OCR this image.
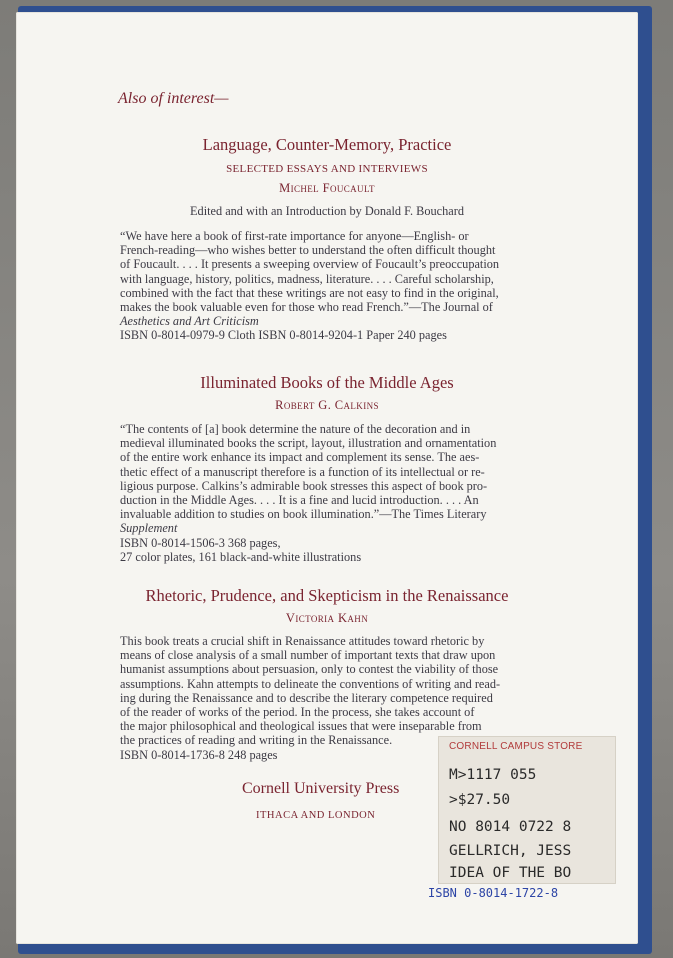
Also of interest—

Language, Counter-Memory, Practice

SELECTED ESSAYS AND INTERVIEWS

Michel Foucault

Edited and with an Introduction by Donald F. Bouchard

“We have here a book of first-rate importance for anyone—English- or
French-reading—who wishes better to understand the often difficult thought
of Foucault. . . . It presents a sweeping overview of Foucault’s preoccupation
with language, history, politics, madness, literature. . . . Careful scholarship,
combined with the fact that these writings are not easy to find in the original,
makes the book valuable even for those who read French.”—The Journal of
Aesthetics and Art Criticism
ISBN 0-8014-0979-9 Cloth ISBN 0-8014-9204-1 Paper 240 pages

Illuminated Books of the Middle Ages

Robert G. Calkins

“The contents of [a] book determine the nature of the decoration and in
medieval illuminated books the script, layout, illustration and ornamentation
of the entire work enhance its impact and complement its sense. The aes-
thetic effect of a manuscript therefore is a function of its intellectual or re-
ligious purpose. Calkins’s admirable book stresses this aspect of book pro-
duction in the Middle Ages. . . . It is a fine and lucid introduction. . . . An
invaluable addition to studies on book illumination.”—The Times Literary
Supplement
ISBN 0-8014-1506-3 368 pages,
27 color plates, 161 black-and-white illustrations

Rhetoric, Prudence, and Skepticism in the Renaissance

Victoria Kahn

This book treats a crucial shift in Renaissance attitudes toward rhetoric by
means of close analysis of a small number of important texts that draw upon
humanist assumptions about persuasion, only to contest the viability of those
assumptions. Kahn attempts to delineate the conventions of writing and read-
ing during the Renaissance and to describe the literary competence required
of the reader of works of the period. In the process, she takes account of
the major philosophical and theological issues that were inseparable from
the practices of reading and writing in the Renaissance.
ISBN 0-8014-1736-8 248 pages

Cornell University Press

ITHACA AND LONDON

CORNELL CAMPUS STORE
M>1117 055
>$27.50
NO 8014 0722 8
GELLRICH, JESS
IDEA OF THE BO

ISBN 0-8014-1722-8
